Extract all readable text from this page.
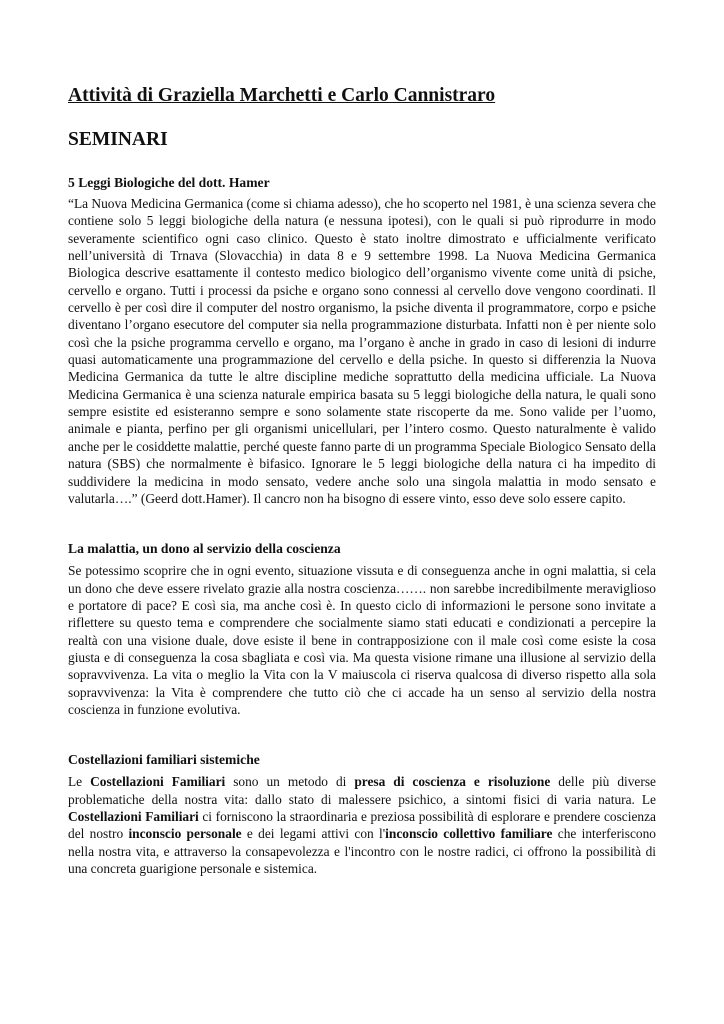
Attività di Graziella Marchetti e Carlo Cannistraro
SEMINARI
5 Leggi Biologiche del dott. Hamer

“La Nuova Medicina Germanica (come si chiama adesso), che ho scoperto nel 1981, è una scienza severa che contiene solo 5 leggi biologiche della natura (e nessuna ipotesi), con le quali si può riprodurre in modo severamente scientifico ogni caso clinico. Questo è stato inoltre dimostrato e ufficialmente verificato nell’università di Trnava (Slovacchia) in data 8 e 9 settembre 1998. La Nuova Medicina Germanica Biologica descrive esattamente il contesto medico biologico dell’organismo vivente come unità di psiche, cervello e organo. Tutti i processi da psiche e organo sono connessi al cervello dove vengono coordinati. Il cervello è per così dire il computer del nostro organismo, la psiche diventa il programmatore, corpo e psiche diventano l’organo esecutore del computer sia nella programmazione disturbata. Infatti non è per niente solo così che la psiche programma cervello e organo, ma l’organo è anche in grado in caso di lesioni di indurre quasi automaticamente una programmazione del cervello e della psiche. In questo si differenzia la Nuova Medicina Germanica da tutte le altre discipline mediche soprattutto della medicina ufficiale. La Nuova Medicina Germanica è una scienza naturale empirica basata su 5 leggi biologiche della natura, le quali sono sempre esistite ed esisteranno sempre e sono solamente state riscoperte da me. Sono valide per l’uomo, animale e pianta, perfino per gli organismi unicellulari, per l’intero cosmo. Questo naturalmente è valido anche per le cosiddette malattie, perché queste fanno parte di un programma Speciale Biologico Sensato della natura (SBS) che normalmente è bifasico. Ignorare le 5 leggi biologiche della natura ci ha impedito di suddividere la medicina in modo sensato, vedere anche solo una singola malattia in modo sensato e valutarla….” (Geerd dott.Hamer). Il cancro non ha bisogno di essere vinto, esso deve solo essere capito.

La malattia, un dono al servizio della coscienza

Se potessimo scoprire che in ogni evento, situazione vissuta e di conseguenza anche in ogni malattia, si cela un dono che deve essere rivelato grazie alla nostra coscienza……. non sarebbe incredibilmente meraviglioso e portatore di pace? E così sia, ma anche così è. In questo ciclo di informazioni le persone sono invitate a riflettere su questo tema e comprendere che socialmente siamo stati educati e condizionati a percepire la realtà con una visione duale, dove esiste il bene in contrapposizione con il male così come esiste la cosa giusta e di conseguenza la cosa sbagliata e così via. Ma questa visione rimane una illusione al servizio della sopravvivenza. La vita o meglio la Vita con la V maiuscola ci riserva qualcosa di diverso rispetto alla sola sopravvivenza: la Vita è comprendere che tutto ciò che ci accade ha un senso al servizio della nostra coscienza in funzione evolutiva.

Costellazioni familiari sistemiche

Le Costellazioni Familiari sono un metodo di presa di coscienza e risoluzione delle più diverse problematiche della nostra vita: dallo stato di malessere psichico, a sintomi fisici di varia natura. Le Costellazioni Familiari ci forniscono la straordinaria e preziosa possibilità di esplorare e prendere coscienza del nostro inconscio personale e dei legami attivi con l'inconscio collettivo familiare che interferiscono nella nostra vita, e attraverso la consapevolezza e l'incontro con le nostre radici, ci offrono la possibilità di una concreta guarigione personale e sistemica.
